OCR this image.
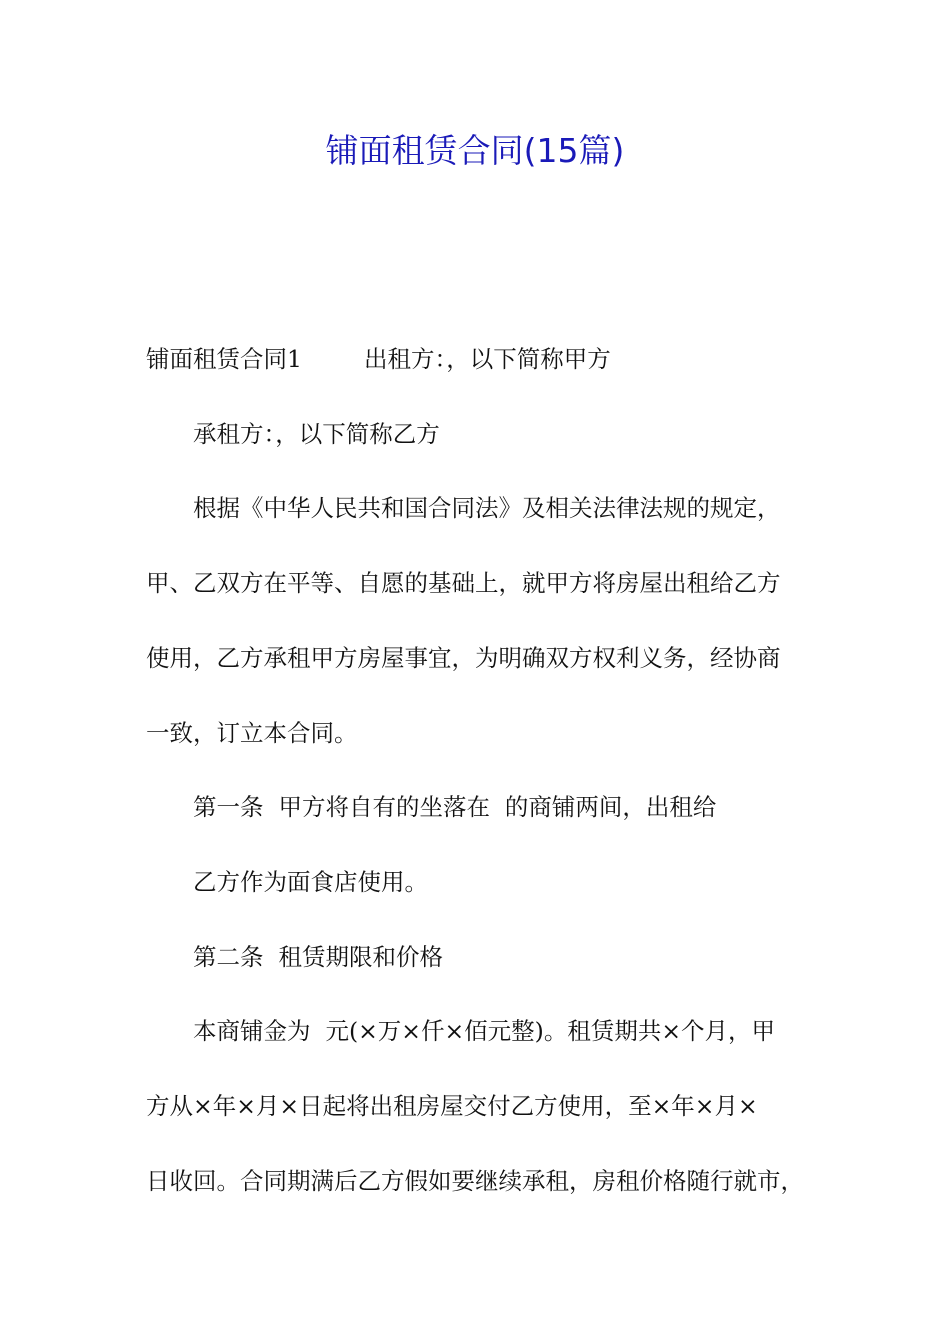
铺面租赁合同(15篇)
铺面租赁合同1	出租方：，以下简称甲方
承租方：，以下简称乙方
根据《中华人民共和国合同法》及相关法律法规的规定，
甲、乙双方在平等、自愿的基础上，就甲方将房屋出租给乙方
使用，乙方承租甲方房屋事宜，为明确双方权利义务，经协商
一致，订立本合同。
第一条  甲方将自有的坐落在  的商铺两间，出租给
乙方作为面食店使用。
第二条  租赁期限和价格
本商铺金为  元(×万×仟×佰元整)。租赁期共×个月，甲
方从×年×月×日起将出租房屋交付乙方使用，至×年×月×
日收回。合同期满后乙方假如要继续承租，房租价格随行就市，
